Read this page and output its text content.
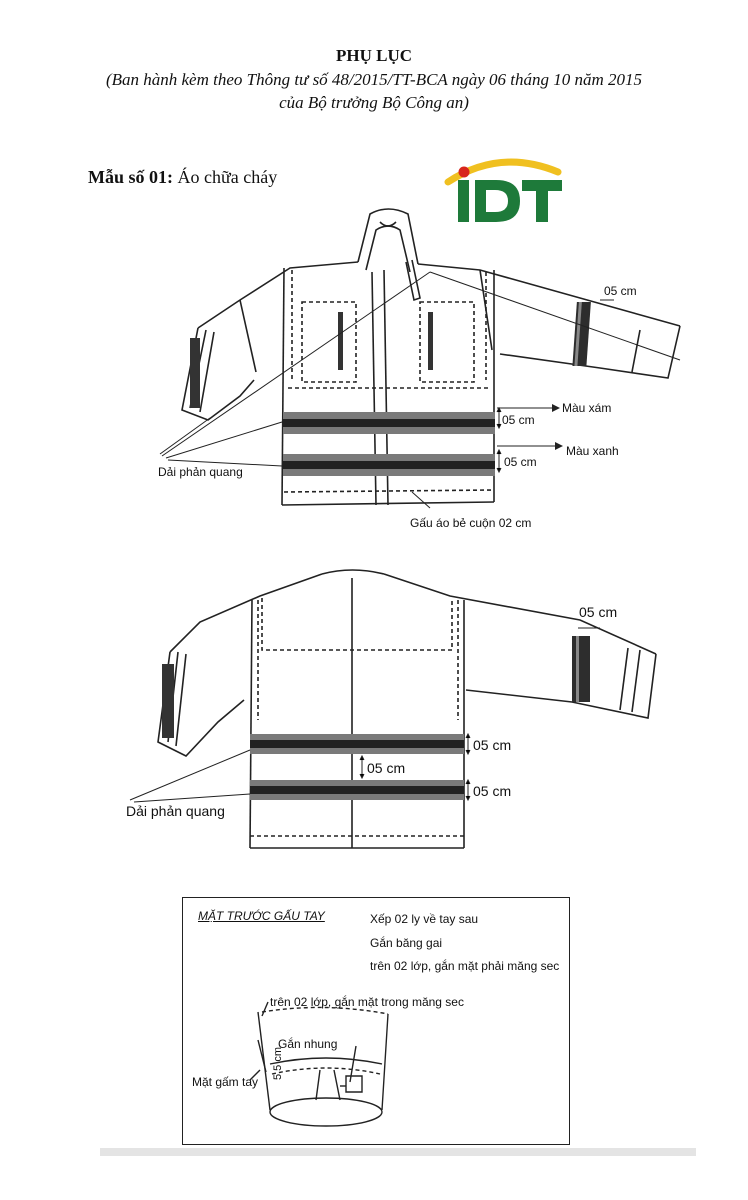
PHỤ LỤC
(Ban hành kèm theo Thông tư số 48/2015/TT-BCA ngày 06 tháng 10 năm 2015
của Bộ trưởng Bộ Công an)
Mẫu số 01: Áo chữa cháy
05 cm
Màu xám
05 cm
Màu xanh
05 cm
Dải phản quang
Gấu áo bẻ cuộn 02 cm
05 cm
05 cm
05 cm
05 cm
Dải phản quang
MẶT TRƯỚC GẤU TAY	Xếp 02 ly về tay sau
Gắn băng gai
trên 02 lớp, gắn mặt phải măng sec
trên 02 lớp, gắn mặt trong măng sec
Gắn nhung
Mặt gấm tay
5.5 cm
